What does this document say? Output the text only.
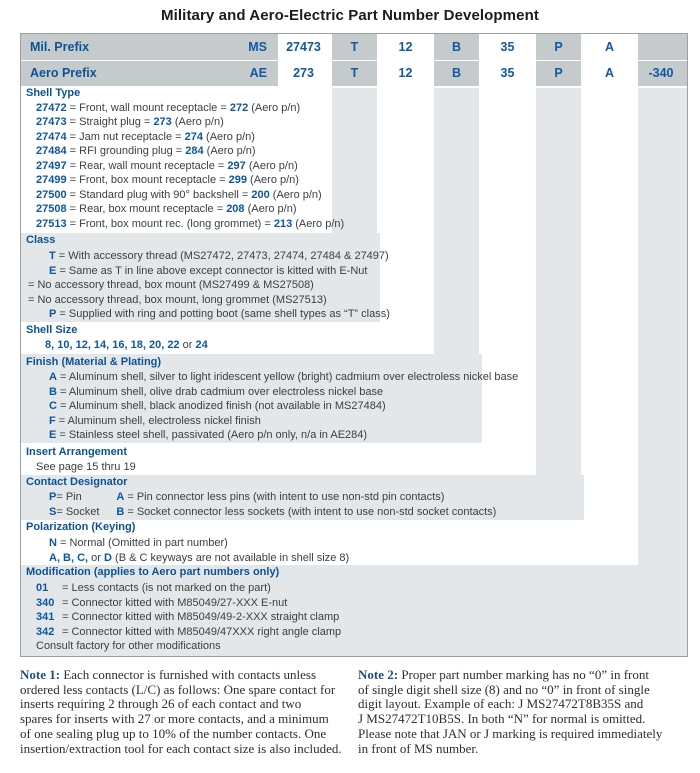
Military and Aero-Electric Part Number Development
Mil. Prefix	MS	27473	T	12	B	35	P	A
Aero Prefix	AE	273	T	12	B	35	P	A	-340
Shell Type
27472 = Front, wall mount receptacle = 272 (Aero p/n)
27473 = Straight plug = 273 (Aero p/n)
27474 = Jam nut receptacle = 274 (Aero p/n)
27484 = RFI grounding plug = 284 (Aero p/n)
27497 = Rear, wall mount receptacle = 297 (Aero p/n)
27499 = Front, box mount receptacle = 299 (Aero p/n)
27500 = Standard plug with 90° backshell = 200 (Aero p/n)
27508 = Rear, box mount receptacle = 208 (Aero p/n)
27513 = Front, box mount rec. (long grommet) = 213 (Aero p/n)
Class
T = With accessory thread (MS27472, 27473, 27474, 27484 & 27497)
E = Same as T in line above except connector is kitted with E-Nut
= No accessory thread, box mount (MS27499 & MS27508)
= No accessory thread, box mount, long grommet (MS27513)
P = Supplied with ring and potting boot (same shell types as “T” class)
Shell Size
8, 10, 12, 14, 16, 18, 20, 22 or 24
Finish (Material & Plating)
A = Aluminum shell, silver to light iridescent yellow (bright) cadmium over electroless nickel base
B = Aluminum shell, olive drab cadmium over electroless nickel base
C = Aluminum shell, black anodized finish (not available in MS27484)
F = Aluminum shell, electroless nickel finish
E = Stainless steel shell, passivated (Aero p/n only, n/a in AE284)
Insert Arrangement
See page 15 thru 19
Contact Designator
P= Pin	A = Pin connector less pins (with intent to use non-std pin contacts)
S= Socket B = Socket connector less sockets (with intent to use non-std socket contacts)
Polarization (Keying)
N = Normal (Omitted in part number)
A, B, C, or D (B & C keyways are not available in shell size 8)
Modification (applies to Aero part numbers only)
01 = Less contacts (is not marked on the part)
340 = Connector kitted with M85049/27-XXX E-nut
341 = Connector kitted with M85049/49-2-XXX straight clamp
342 = Connector kitted with M85049/47XXX right angle clamp
Consult factory for other modifications
Note 1: Each connector is furnished with contacts unless
ordered less contacts (L/C) as follows: One spare contact for
inserts requiring 2 through 26 of each contact and two
spares for inserts with 27 or more contacts, and a minimum
of one sealing plug up to 10% of the number contacts. One
insertion/extraction tool for each contact size is also included.
Note 2: Proper part number marking has no “0” in front
of single digit shell size (8) and no “0” in front of single
digit layout. Example of each: J MS27472T8B35S and
J MS27472T10B5S. In both “N” for normal is omitted.
Please note that JAN or J marking is required immediately
in front of MS number.
